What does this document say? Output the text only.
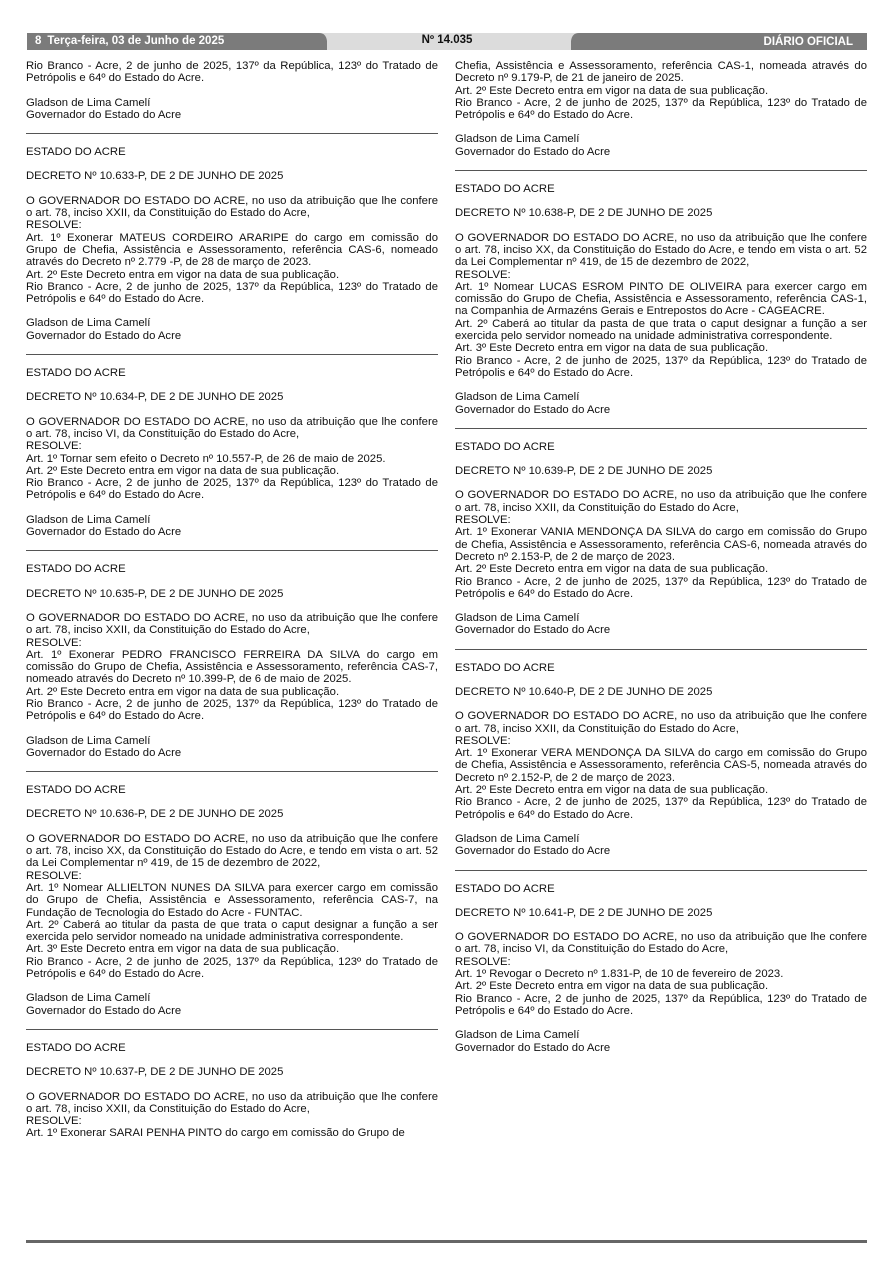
8 Terça-feira, 03 de Junho de 2025	Nº 14.035	DIÁRIO OFICIAL

Rio Branco - Acre, 2 de junho de 2025, 137º da República, 123º do Tratado de Petrópolis e 64º do Estado do Acre.

Gladson de Lima Camelí

Governador do Estado do Acre

ESTADO DO ACRE

DECRETO Nº 10.633-P, DE 2 DE JUNHO DE 2025

O GOVERNADOR DO ESTADO DO ACRE, no uso da atribuição que lhe confere o art. 78, inciso XXII, da Constituição do Estado do Acre,

RESOLVE:

Art. 1º Exonerar MATEUS CORDEIRO ARARIPE do cargo em comissão do Grupo de Chefia, Assistência e Assessoramento, referência CAS-6, nomeado através do Decreto nº 2.779 -P, de 28 de março de 2023.

Art. 2º Este Decreto entra em vigor na data de sua publicação.

Rio Branco - Acre, 2 de junho de 2025, 137º da República, 123º do Tratado de Petrópolis e 64º do Estado do Acre.

Gladson de Lima Camelí

Governador do Estado do Acre

ESTADO DO ACRE

DECRETO Nº 10.634-P, DE 2 DE JUNHO DE 2025

O GOVERNADOR DO ESTADO DO ACRE, no uso da atribuição que lhe confere o art. 78, inciso VI, da Constituição do Estado do Acre,

RESOLVE:

Art. 1º Tornar sem efeito o Decreto nº 10.557-P, de 26 de maio de 2025.

Art. 2º Este Decreto entra em vigor na data de sua publicação.

Rio Branco - Acre, 2 de junho de 2025, 137º da República, 123º do Tratado de Petrópolis e 64º do Estado do Acre.

Gladson de Lima Camelí

Governador do Estado do Acre

ESTADO DO ACRE

DECRETO Nº 10.635-P, DE 2 DE JUNHO DE 2025

O GOVERNADOR DO ESTADO DO ACRE, no uso da atribuição que lhe confere o art. 78, inciso XXII, da Constituição do Estado do Acre,

RESOLVE:

Art. 1º Exonerar PEDRO FRANCISCO FERREIRA DA SILVA do cargo em comissão do Grupo de Chefia, Assistência e Assessoramento, referência CAS-7, nomeado através do Decreto nº 10.399-P, de 6 de maio de 2025.

Art. 2º Este Decreto entra em vigor na data de sua publicação.

Rio Branco - Acre, 2 de junho de 2025, 137º da República, 123º do Tratado de Petrópolis e 64º do Estado do Acre.

Gladson de Lima Camelí

Governador do Estado do Acre

ESTADO DO ACRE

DECRETO Nº 10.636-P, DE 2 DE JUNHO DE 2025

O GOVERNADOR DO ESTADO DO ACRE, no uso da atribuição que lhe confere o art. 78, inciso XX, da Constituição do Estado do Acre, e tendo em vista o art. 52 da Lei Complementar nº 419, de 15 de dezembro de 2022,

RESOLVE:

Art. 1º Nomear ALLIELTON NUNES DA SILVA para exercer cargo em comissão do Grupo de Chefia, Assistência e Assessoramento, referência CAS-7, na Fundação de Tecnologia do Estado do Acre - FUNTAC.

Art. 2º Caberá ao titular da pasta de que trata o caput designar a função a ser exercida pelo servidor nomeado na unidade administrativa correspondente.

Art. 3º Este Decreto entra em vigor na data de sua publicação.

Rio Branco - Acre, 2 de junho de 2025, 137º da República, 123º do Tratado de Petrópolis e 64º do Estado do Acre.

Gladson de Lima Camelí

Governador do Estado do Acre

ESTADO DO ACRE

DECRETO Nº 10.637-P, DE 2 DE JUNHO DE 2025

O GOVERNADOR DO ESTADO DO ACRE, no uso da atribuição que lhe confere o art. 78, inciso XXII, da Constituição do Estado do Acre,

RESOLVE:

Art. 1º Exonerar SARAI PENHA PINTO do cargo em comissão do Grupo de

Chefia, Assistência e Assessoramento, referência CAS-1, nomeada através do Decreto nº 9.179-P, de 21 de janeiro de 2025.

Art. 2º Este Decreto entra em vigor na data de sua publicação.

Rio Branco - Acre, 2 de junho de 2025, 137º da República, 123º do Tratado de Petrópolis e 64º do Estado do Acre.

Gladson de Lima Camelí

Governador do Estado do Acre

ESTADO DO ACRE

DECRETO Nº 10.638-P, DE 2 DE JUNHO DE 2025

O GOVERNADOR DO ESTADO DO ACRE, no uso da atribuição que lhe confere o art. 78, inciso XX, da Constituição do Estado do Acre, e tendo em vista o art. 52 da Lei Complementar nº 419, de 15 de dezembro de 2022,

RESOLVE:

Art. 1º Nomear LUCAS ESROM PINTO DE OLIVEIRA para exercer cargo em comissão do Grupo de Chefia, Assistência e Assessoramento, referência CAS-1, na Companhia de Armazéns Gerais e Entrepostos do Acre - CAGEACRE.

Art. 2º Caberá ao titular da pasta de que trata o caput designar a função a ser exercida pelo servidor nomeado na unidade administrativa correspondente.

Art. 3º Este Decreto entra em vigor na data de sua publicação.

Rio Branco - Acre, 2 de junho de 2025, 137º da República, 123º do Tratado de Petrópolis e 64º do Estado do Acre.

Gladson de Lima Camelí

Governador do Estado do Acre

ESTADO DO ACRE

DECRETO Nº 10.639-P, DE 2 DE JUNHO DE 2025

O GOVERNADOR DO ESTADO DO ACRE, no uso da atribuição que lhe confere o art. 78, inciso XXII, da Constituição do Estado do Acre,

RESOLVE:

Art. 1º Exonerar VANIA MENDONÇA DA SILVA do cargo em comissão do Grupo de Chefia, Assistência e Assessoramento, referência CAS-6, nomeada através do Decreto nº 2.153-P, de 2 de março de 2023.

Art. 2º Este Decreto entra em vigor na data de sua publicação.

Rio Branco - Acre, 2 de junho de 2025, 137º da República, 123º do Tratado de Petrópolis e 64º do Estado do Acre.

Gladson de Lima Camelí

Governador do Estado do Acre

ESTADO DO ACRE

DECRETO Nº 10.640-P, DE 2 DE JUNHO DE 2025

O GOVERNADOR DO ESTADO DO ACRE, no uso da atribuição que lhe confere o art. 78, inciso XXII, da Constituição do Estado do Acre,

RESOLVE:

Art. 1º Exonerar VERA MENDONÇA DA SILVA do cargo em comissão do Grupo de Chefia, Assistência e Assessoramento, referência CAS-5, nomeada através do Decreto nº 2.152-P, de 2 de março de 2023.

Art. 2º Este Decreto entra em vigor na data de sua publicação.

Rio Branco - Acre, 2 de junho de 2025, 137º da República, 123º do Tratado de Petrópolis e 64º do Estado do Acre.

Gladson de Lima Camelí

Governador do Estado do Acre

ESTADO DO ACRE

DECRETO Nº 10.641-P, DE 2 DE JUNHO DE 2025

O GOVERNADOR DO ESTADO DO ACRE, no uso da atribuição que lhe confere o art. 78, inciso VI, da Constituição do Estado do Acre,

RESOLVE:

Art. 1º Revogar o Decreto nº 1.831-P, de 10 de fevereiro de 2023.

Art. 2º Este Decreto entra em vigor na data de sua publicação.

Rio Branco - Acre, 2 de junho de 2025, 137º da República, 123º do Tratado de Petrópolis e 64º do Estado do Acre.

Gladson de Lima Camelí

Governador do Estado do Acre
